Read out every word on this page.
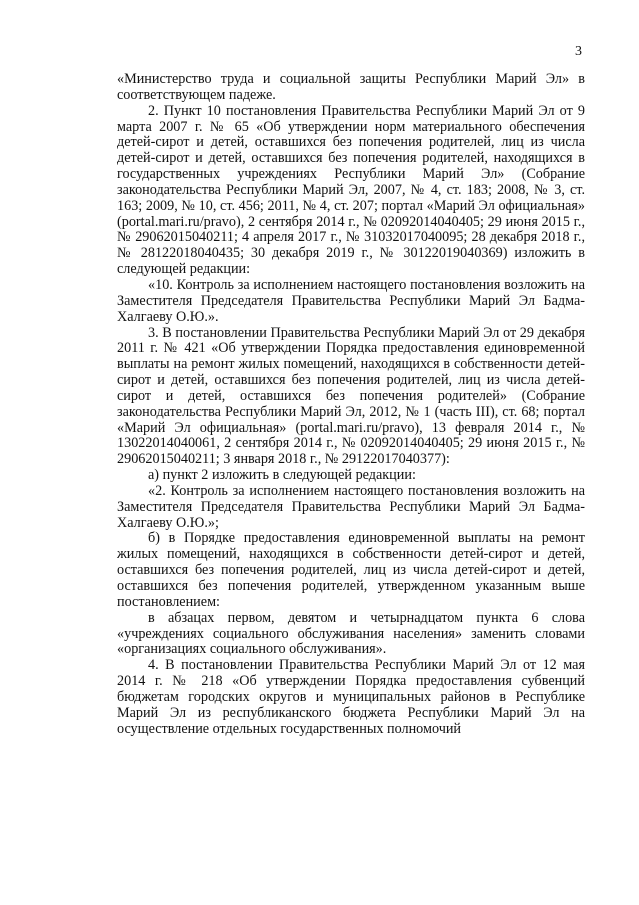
3

«Министерство труда и социальной защиты Республики Марий Эл» в соответствующем падеже.

2. Пункт 10 постановления Правительства Республики Марий Эл от 9 марта 2007 г. № 65 «Об утверждении норм материального обеспечения детей-сирот и детей, оставшихся без попечения родителей, лиц из числа детей-сирот и детей, оставшихся без попечения родителей, находящихся в государственных учреждениях Республики Марий Эл» (Собрание законодательства Республики Марий Эл, 2007, № 4, ст. 183; 2008, № 3, ст. 163; 2009, № 10, ст. 456; 2011, № 4, ст. 207; портал «Марий Эл официальная» (portal.mari.ru/pravo), 2 сентября 2014 г., № 02092014040405; 29 июня 2015 г., № 29062015040211; 4 апреля 2017 г., № 31032017040095; 28 декабря 2018 г., № 28122018040435; 30 декабря 2019 г., № 30122019040369) изложить в следующей редакции:

«10. Контроль за исполнением настоящего постановления возложить на Заместителя Председателя Правительства Республики Марий Эл Бадма-Халгаеву О.Ю.».

3. В постановлении Правительства Республики Марий Эл от 29 декабря 2011 г. № 421 «Об утверждении Порядка предоставления единовременной выплаты на ремонт жилых помещений, находящихся в собственности детей-сирот и детей, оставшихся без попечения родителей, лиц из числа детей-сирот и детей, оставшихся без попечения родителей» (Собрание законодательства Республики Марий Эл, 2012, № 1 (часть III), ст. 68; портал «Марий Эл официальная» (portal.mari.ru/pravo), 13 февраля 2014 г., № 13022014040061, 2 сентября 2014 г., № 02092014040405; 29 июня 2015 г., № 29062015040211; 3 января 2018 г., № 29122017040377):

а) пункт 2 изложить в следующей редакции:

«2. Контроль за исполнением настоящего постановления возложить на Заместителя Председателя Правительства Республики Марий Эл Бадма-Халгаеву О.Ю.»;

б) в Порядке предоставления единовременной выплаты на ремонт жилых помещений, находящихся в собственности детей-сирот и детей, оставшихся без попечения родителей, лиц из числа детей-сирот и детей, оставшихся без попечения родителей, утвержденном указанным выше постановлением:

в абзацах первом, девятом и четырнадцатом пункта 6 слова «учреждениях социального обслуживания населения» заменить словами «организациях социального обслуживания».

4. В постановлении Правительства Республики Марий Эл от 12 мая 2014 г. № 218 «Об утверждении Порядка предоставления субвенций бюджетам городских округов и муниципальных районов в Республике Марий Эл из республиканского бюджета Республики Марий Эл на осуществление отдельных государственных полномочий
